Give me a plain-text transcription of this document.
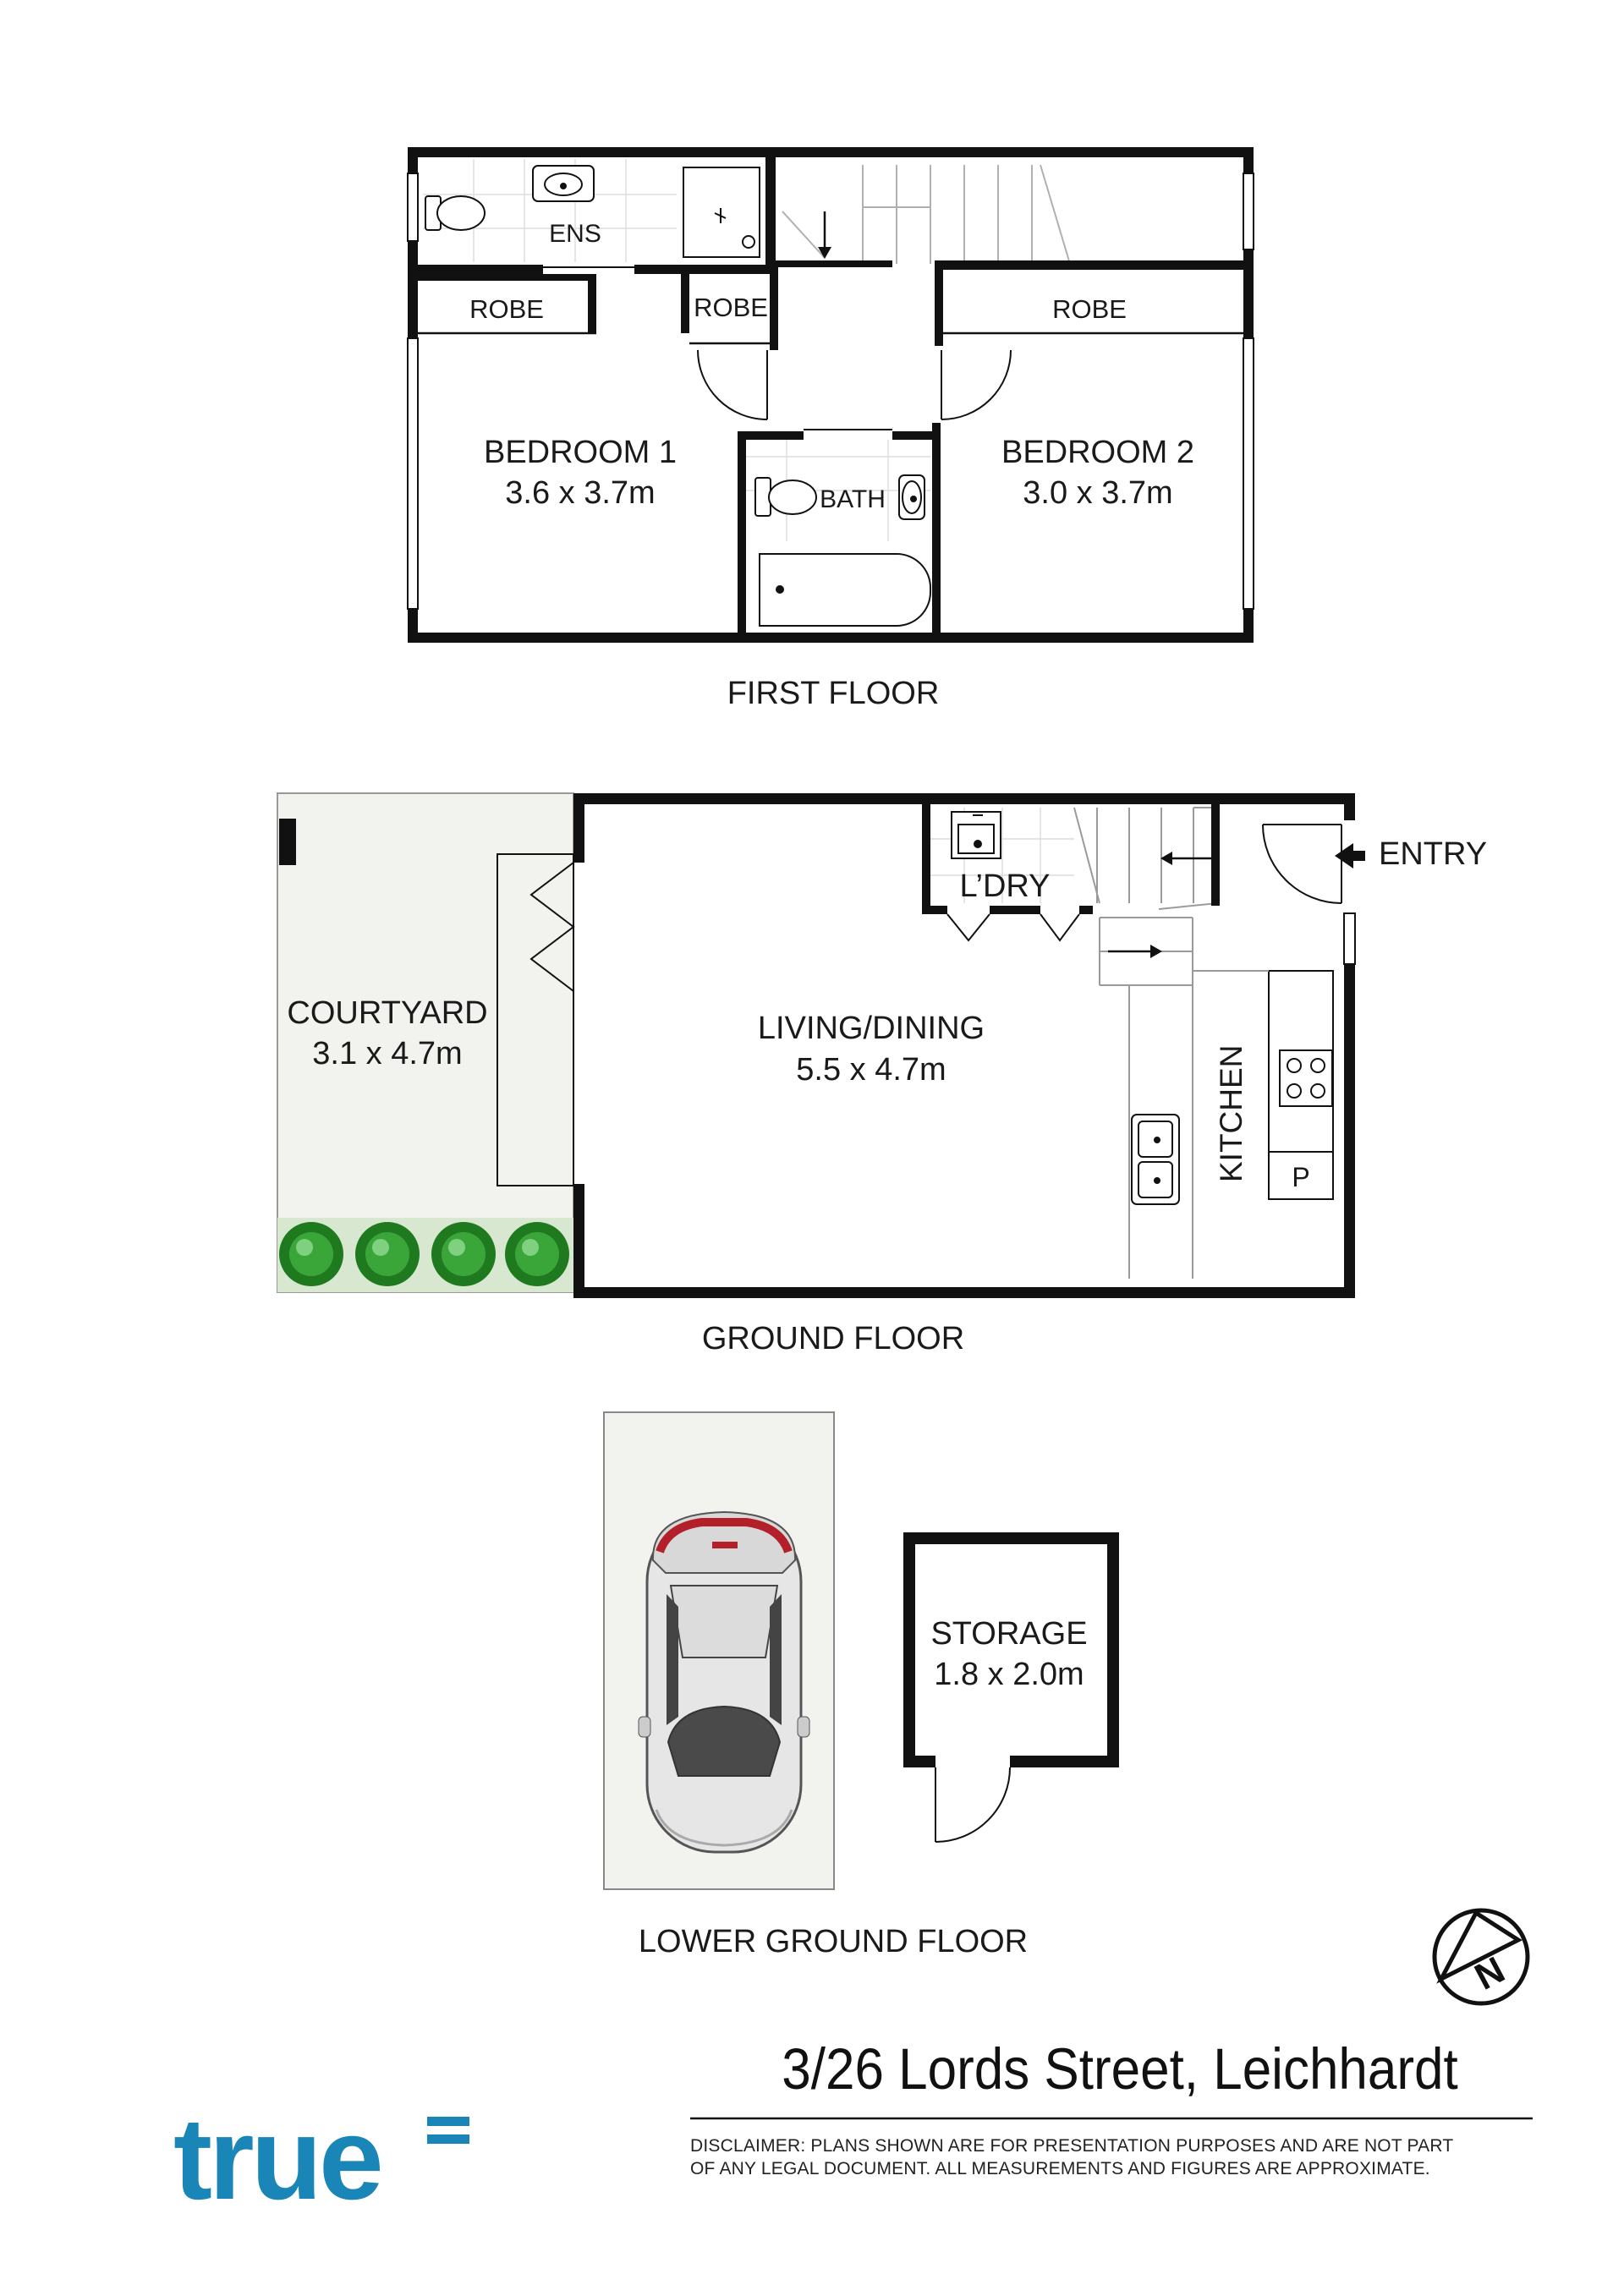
ENS
ROBE	ROBE	ROBE
BATH
BEDROOM 1
3.6 x 3.7m
BEDROOM 2
3.0 x 3.7m
FIRST FLOOR
ENTRY
L’DRY
COURTYARD
3.1 x 4.7m
LIVING/DINING
5.5 x 4.7m	KITCHEN P
GROUND FLOOR
STORAGE
1.8 x 2.0m
LOWER GROUND FLOOR
N
3/26 Lords Street, Leichhardt
true	DISCLAIMER: PLANS SHOWN ARE FOR PRESENTATION PURPOSES AND ARE NOT PART
OF ANY LEGAL DOCUMENT. ALL MEASUREMENTS AND FIGURES ARE APPROXIMATE.
